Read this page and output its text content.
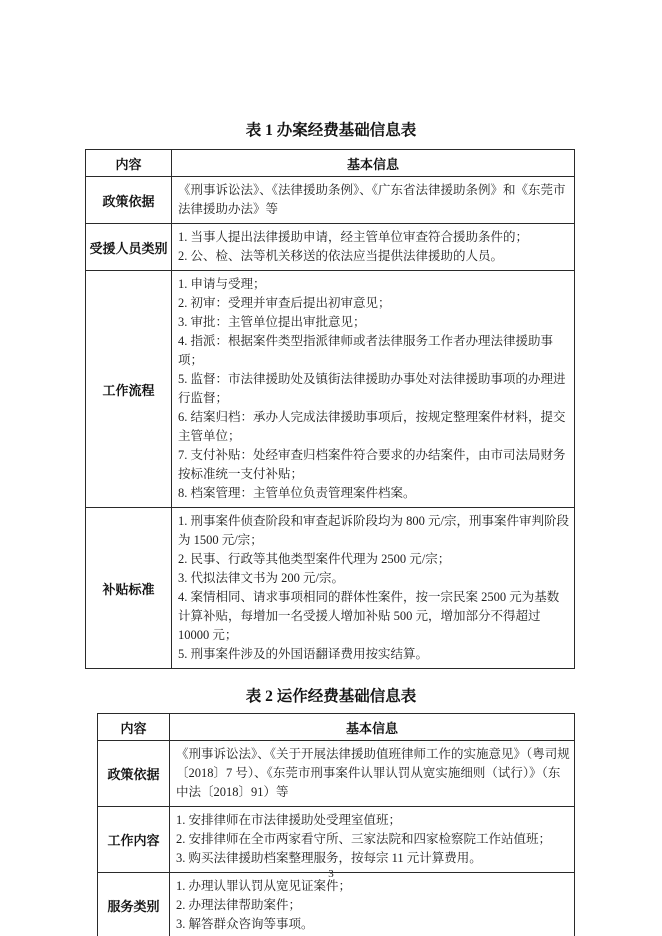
表 1 办案经费基础信息表
内容	基本信息
政策依据	《刑事诉讼法》、《法律援助条例》、《广东省法律援助条例》和《东莞市法律援助办法》等

受援人员类别	1. 当事人提出法律援助申请，经主管单位审查符合援助条件的；
2. 公、检、法等机关移送的依法应当提供法律援助的人员。

工作流程	
1. 申请与受理；
2. 初审：受理并审查后提出初审意见；
3. 审批：主管单位提出审批意见；
4. 指派：根据案件类型指派律师或者法律服务工作者办理法律援助事项；
5. 监督：市法律援助处及镇街法律援助办事处对法律援助事项的办理进行监督；
6. 结案归档：承办人完成法律援助事项后，按规定整理案件材料，提交主管单位；
7. 支付补贴：处经审查归档案件符合要求的办结案件，由市司法局财务按标准统一支付补贴；
8. 档案管理：主管单位负责管理案件档案。

补贴标准	1. 刑事案件侦查阶段和审查起诉阶段均为 800 元/宗，刑事案件审判阶段为 1500 元/宗；
2. 民事、行政等其他类型案件代理为 2500 元/宗；
3. 代拟法律文书为 200 元/宗。
4. 案情相同、请求事项相同的群体性案件，按一宗民案 2500 元为基数计算补贴，每增加一名受援人增加补贴 500 元，增加部分不得超过 10000 元；
5. 刑事案件涉及的外国语翻译费用按实结算。
表 2 运作经费基础信息表
内容	基本信息
政策依据	《刑事诉讼法》、《关于开展法律援助值班律师工作的实施意见》（粤司规〔2018〕7 号）、《东莞市刑事案件认罪认罚从宽实施细则（试行）》（东中法〔2018〕91）等

工作内容	1. 安排律师在市法律援助处受理室值班；
2. 安排律师在全市两家看守所、三家法院和四家检察院工作站值班；
3. 购买法律援助档案整理服务，按每宗 11 元计算费用。

服务类别	1. 办理认罪认罚从宽见证案件；
2. 办理法律帮助案件；
3. 解答群众咨询等事项。
3
